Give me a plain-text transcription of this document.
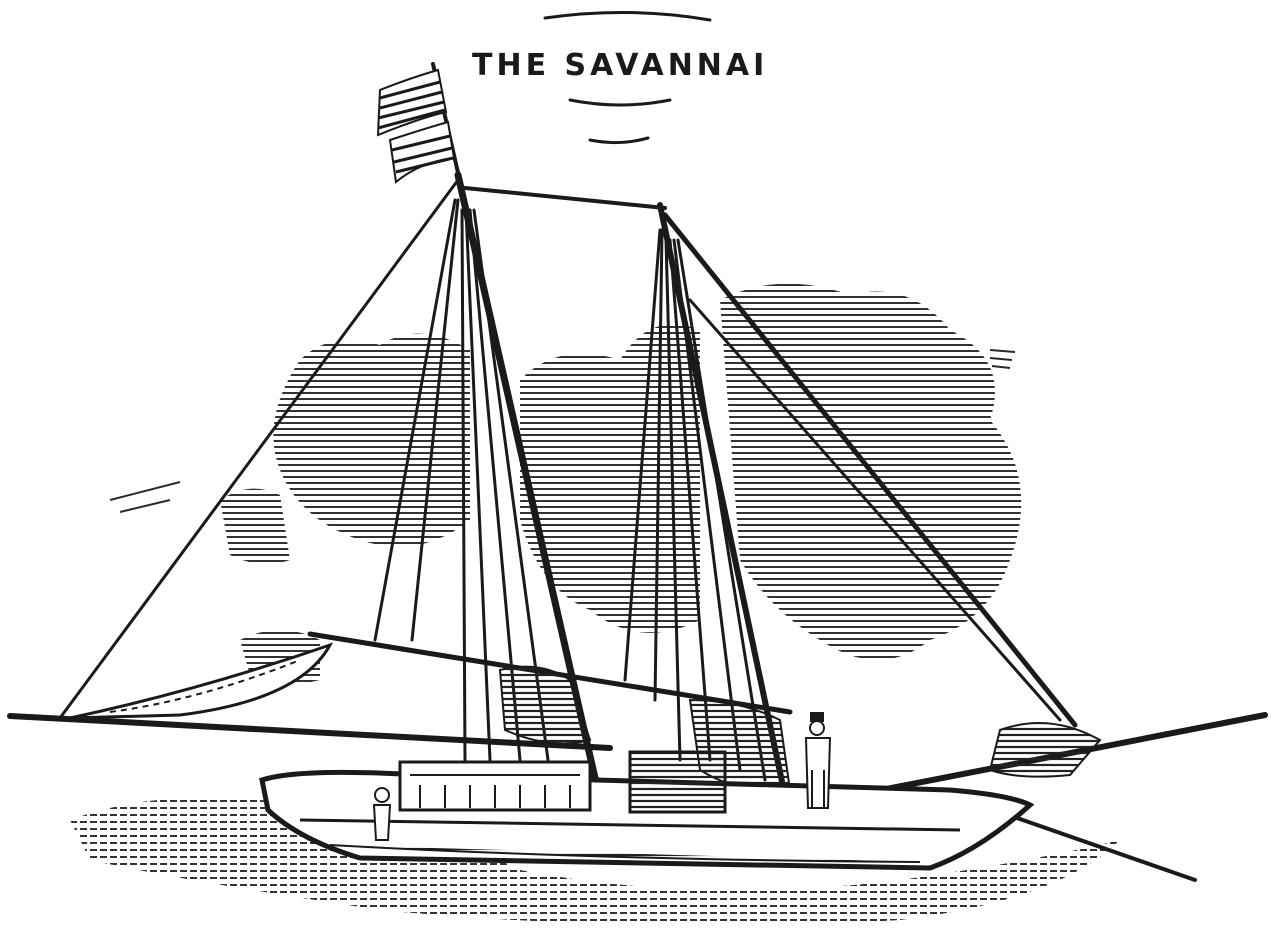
THE SAVANNAI
